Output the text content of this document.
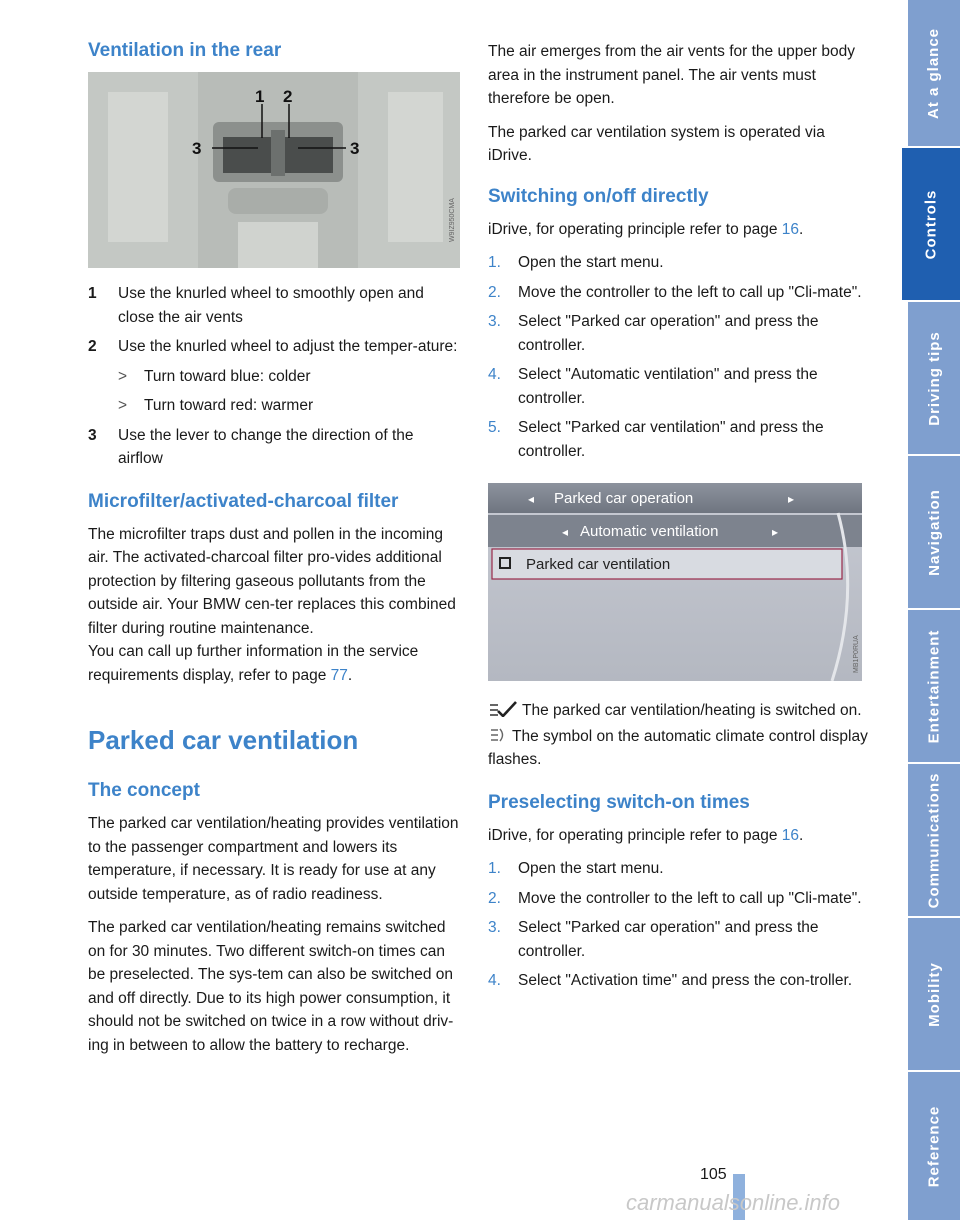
At a glance
Controls
Driving tips
Navigation
Entertainment
Communications
Mobility
Reference
Ventilation in the rear
1 2
3	3
W9IZ950CMA
1	Use the knurled wheel to smoothly open and close the air vents
2	Use the knurled wheel to adjust the temper-ature:
>	Turn toward blue: colder
>	Turn toward red: warmer
3	Use the lever to change the direction of the airflow
Microfilter/activated-charcoal filter

The microfilter traps dust and pollen in the incoming air. The activated-charcoal filter pro-vides additional protection by filtering gaseous pollutants from the outside air. Your BMW cen-ter replaces this combined filter during routine maintenance.

You can call up further information in the service requirements display, refer to page 77.

Parked car ventilation
The concept

The parked car ventilation/heating provides ventilation to the passenger compartment and lowers its temperature, if necessary. It is ready for use at any outside temperature, as of radio readiness.

The parked car ventilation/heating remains switched on for 30 minutes. Two different switch-on times can be preselected. The sys-tem can also be switched on and off directly. Due to its high power consumption, it should not be switched on twice in a row without driv-ing in between to allow the battery to recharge.

The air emerges from the air vents for the upper body area in the instrument panel. The air vents must therefore be open.

The parked car ventilation system is operated via iDrive.

Switching on/off directly

iDrive, for operating principle refer to page 16.

1.	Open the start menu.
2.	Move the controller to the left to call up "Cli-mate".
3.	Select "Parked car operation" and press the controller.
4.	Select "Automatic ventilation" and press the controller.
5.	Select "Parked car ventilation" and press the controller.
Parked car operation
◂	▸
Automatic ventilation
◂	▸
Parked car ventilation
MB1P0RUA

The parked car ventilation/heating is switched on.

The symbol on the automatic climate control display flashes.

Preselecting switch-on times

iDrive, for operating principle refer to page 16.

1.	Open the start menu.
2.	Move the controller to the left to call up "Cli-mate".
3.	Select "Parked car operation" and press the controller.
4.	Select "Activation time" and press the con-troller.
105
carmanualsonline.info
